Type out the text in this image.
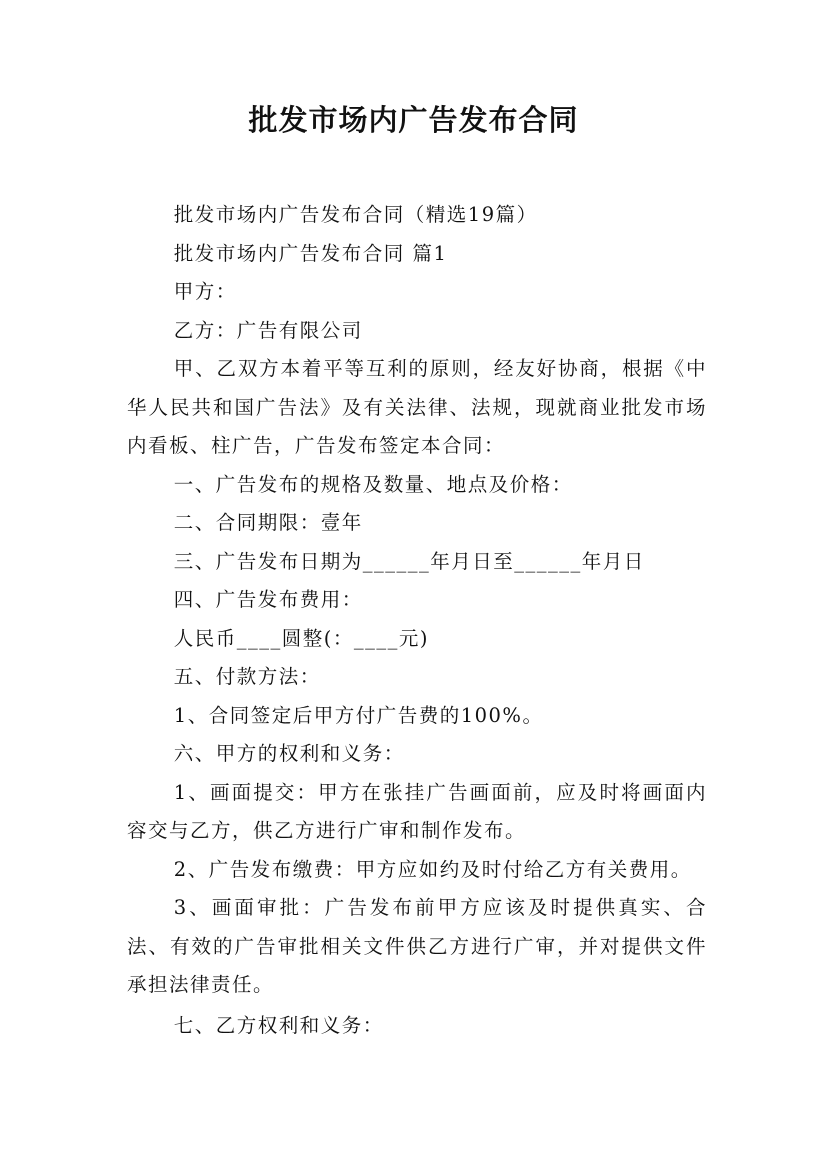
批发市场内广告发布合同

批发市场内广告发布合同（精选19篇）

批发市场内广告发布合同 篇1

甲方：

乙方：广告有限公司

甲、乙双方本着平等互利的原则，经友好协商，根据《中华人民共和国广告法》及有关法律、法规，现就商业批发市场内看板、柱广告，广告发布签定本合同：

一、广告发布的规格及数量、地点及价格：

二、合同期限：壹年

三、广告发布日期为______年月日至______年月日

四、广告发布费用：

人民币____圆整(：____元)

五、付款方法：

1、合同签定后甲方付广告费的100%。

六、甲方的权利和义务：

1、画面提交：甲方在张挂广告画面前，应及时将画面内容交与乙方，供乙方进行广审和制作发布。

2、广告发布缴费：甲方应如约及时付给乙方有关费用。

3、画面审批：广告发布前甲方应该及时提供真实、合法、有效的广告审批相关文件供乙方进行广审，并对提供文件承担法律责任。

七、乙方权利和义务：
